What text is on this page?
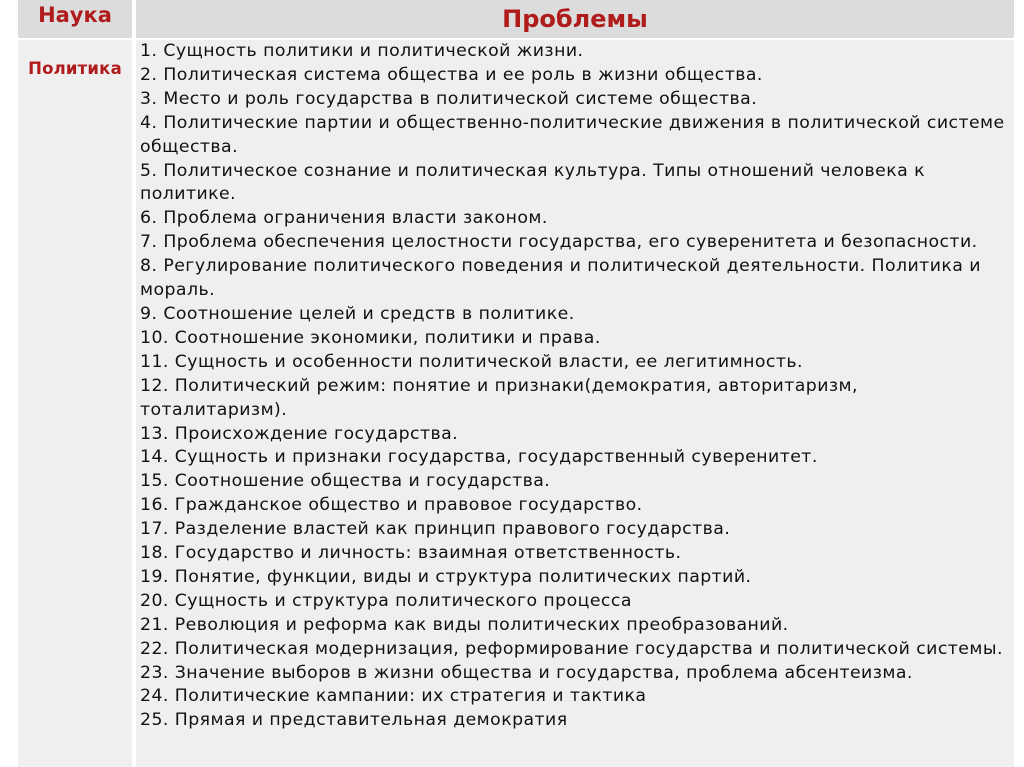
Наука	Проблемы
Политика
1. Сущность политики и политической жизни.
2. Политическая система общества и ее роль в жизни общества.
3. Место и роль государства в политической системе общества.
4. Политические партии и общественно-политические движения в политической системе общества.
5. Политическое сознание и политическая культура. Типы отношений человека к политике.
6. Проблема ограничения власти законом.
7. Проблема обеспечения целостности государства, его суверенитета и безопасности.
8. Регулирование политического поведения и политической деятельности. Политика и мораль.
9. Соотношение целей и средств в политике.
10. Соотношение экономики, политики и права.
11. Сущность и особенности политической власти, ее легитимность.
12. Политический режим: понятие и признаки(демократия, авторитаризм, тоталитаризм).
13. Происхождение государства.
14. Сущность и признаки государства, государственный суверенитет.
15. Соотношение общества и государства.
16. Гражданское общество и правовое государство.
17. Разделение властей как принцип правового государства.
18. Государство и личность: взаимная ответственность.
19. Понятие, функции, виды и структура политических партий.
20. Сущность и структура политического процесса
21. Революция и реформа как виды политических преобразований.
22. Политическая модернизация, реформирование государства и политической системы.
23. Значение выборов в жизни общества и государства, проблема абсентеизма.
24. Политические кампании: их стратегия и тактика
25. Прямая и представительная демократия
